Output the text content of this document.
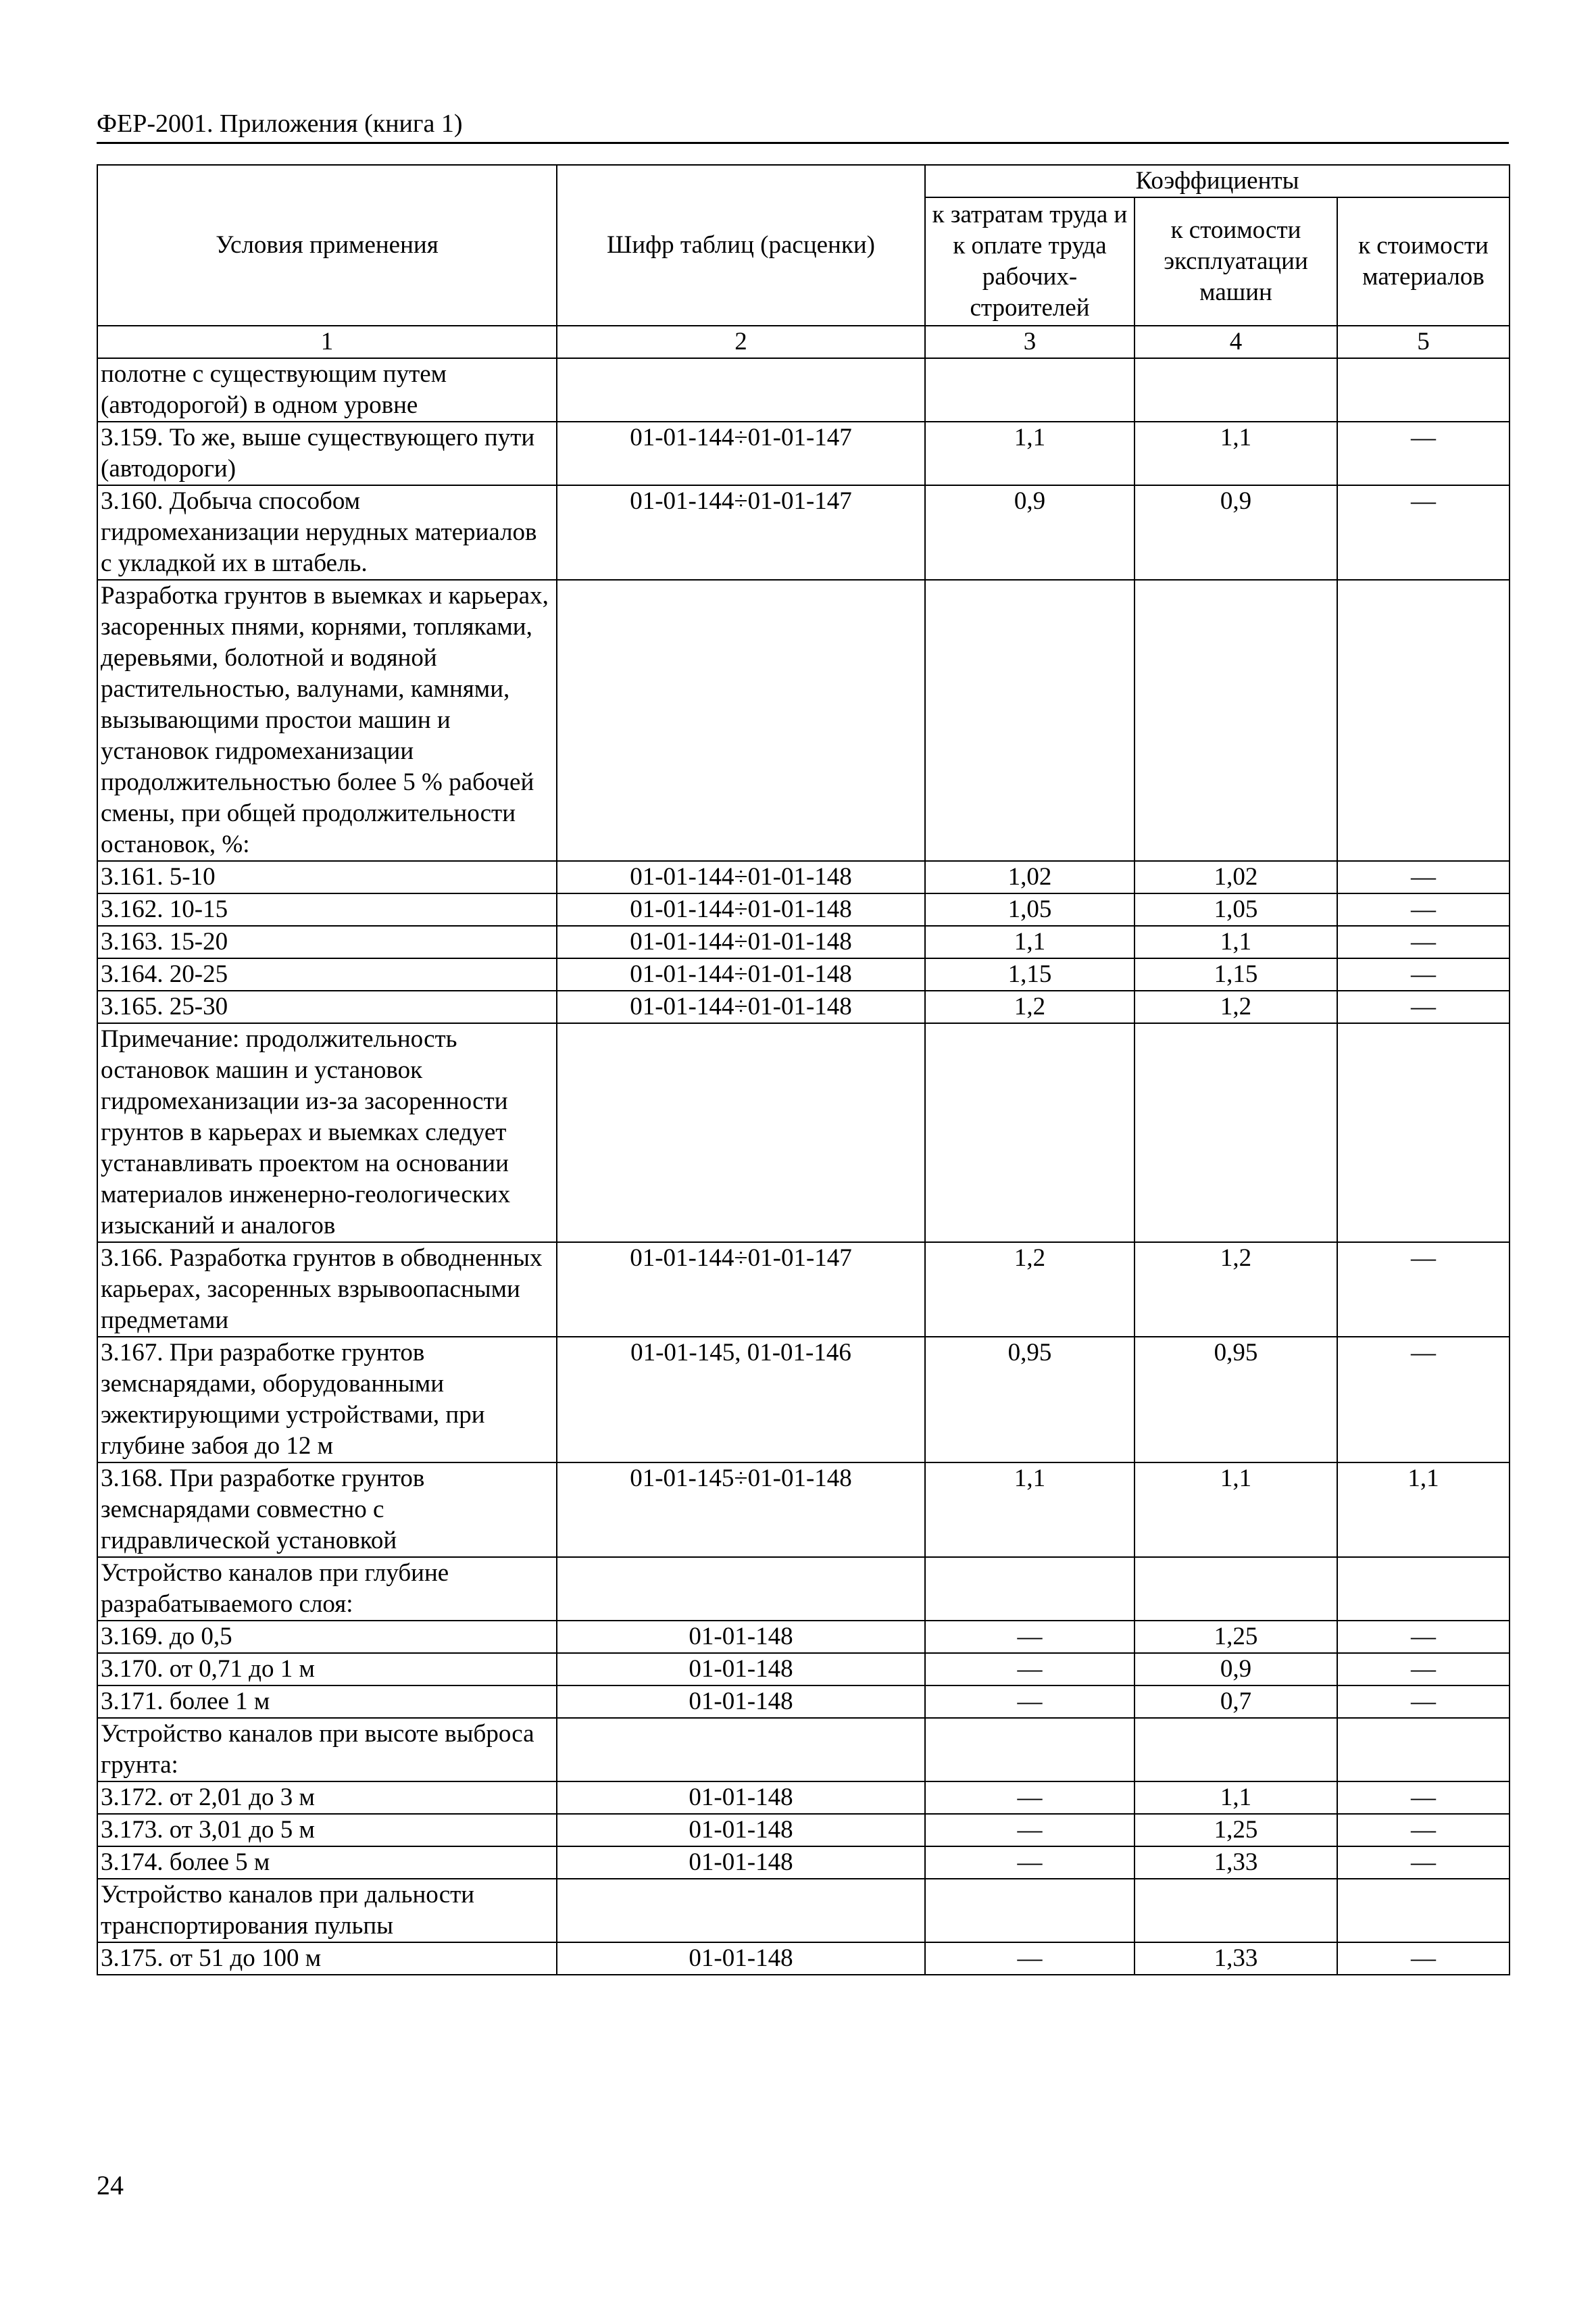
ФЕР-2001. Приложения (книга 1)
Условия применения	Шифр таблиц (расценки)	Коэффициенты		
		к затратам труда и к оплате труда рабочих-строителей	к стоимости эксплуатации машин	к стоимости материалов
1	2	3	4	5
полотне с существующим путем (автодорогой) в одном уровне				
3.159. То же, выше существующего пути (автодороги)	01-01-144÷01-01-147	1,1	1,1	—
3.160. Добыча способом гидромеханизации нерудных материалов с укладкой их в штабель.	01-01-144÷01-01-147	0,9	0,9	—
Разработка грунтов в выемках и карьерах, засоренных пнями, корнями, топляками, деревьями, болотной и водяной растительностью, валунами, камнями, вызывающими простои машин и установок гидромеханизации продолжительностью более 5 % рабочей смены, при общей продолжительности остановок, %:				
3.161. 5-10	01-01-144÷01-01-148	1,02	1,02	—
3.162. 10-15	01-01-144÷01-01-148	1,05	1,05	—
3.163. 15-20	01-01-144÷01-01-148	1,1	1,1	—
3.164. 20-25	01-01-144÷01-01-148	1,15	1,15	—
3.165. 25-30	01-01-144÷01-01-148	1,2	1,2	—
Примечание: продолжительность остановок машин и установок гидромеханизации из-за засоренности грунтов в карьерах и выемках следует устанавливать проектом на основании материалов инженерно-геологических изысканий и аналогов				
3.166. Разработка грунтов в обводненных карьерах, засоренных взрывоопасными предметами	01-01-144÷01-01-147	1,2	1,2	—
3.167. При разработке грунтов земснарядами, оборудованными эжектирующими устройствами, при глубине забоя до 12 м	01-01-145, 01-01-146	0,95	0,95	—
3.168. При разработке грунтов земснарядами совместно с гидравлической установкой	01-01-145÷01-01-148	1,1	1,1	1,1
Устройство каналов при глубине разрабатываемого слоя:				
3.169. до 0,5	01-01-148	—	1,25	—
3.170. от 0,71 до 1 м	01-01-148	—	0,9	—
3.171. более 1 м	01-01-148	—	0,7	—
Устройство каналов при высоте выброса грунта:				
3.172. от 2,01 до 3 м	01-01-148	—	1,1	—
3.173. от 3,01 до 5 м	01-01-148	—	1,25	—
3.174. более 5 м	01-01-148	—	1,33	—
Устройство каналов при дальности транспортирования пульпы				
3.175. от 51 до 100 м	01-01-148	—	1,33	—
24
